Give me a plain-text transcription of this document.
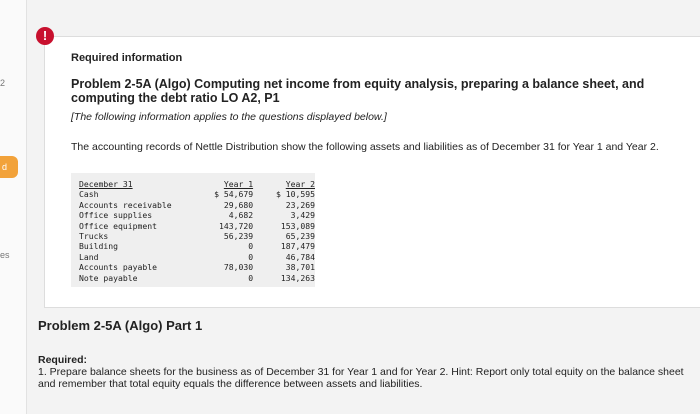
2
d
es
Required information
Problem 2-5A (Algo) Computing net income from equity analysis, preparing a balance sheet, and computing the debt ratio LO A2, P1
[The following information applies to the questions displayed below.]
The accounting records of Nettle Distribution show the following assets and liabilities as of December 31 for Year 1 and Year 2.
December 31	Year 1	Year 2
Cash	$ 54,679	$ 10,595
Accounts receivable	29,680	23,269
Office supplies	4,682	3,429
Office equipment	143,720	153,089
Trucks	56,239	65,239
Building	0	187,479
Land	0	46,784
Accounts payable	78,030	38,701
Note payable	0	134,263
!
Problem 2-5A (Algo) Part 1
Required:
1. Prepare balance sheets for the business as of December 31 for Year 1 and for Year 2. Hint: Report only total equity on the balance sheet and remember that total equity equals the difference between assets and liabilities.
